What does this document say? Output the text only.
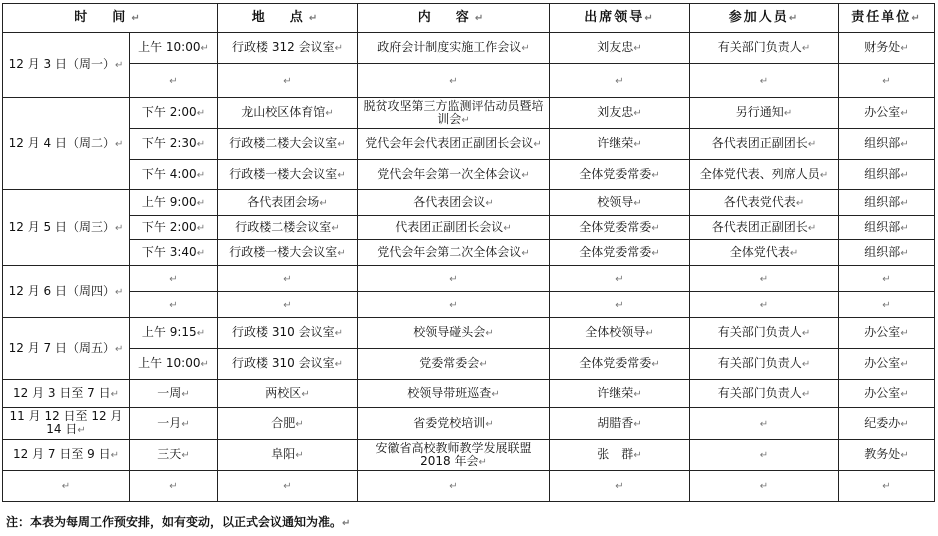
时　间↵		地　点↵	内　容↵	出席领导↵	参加人员↵	责任单位↵
12 月 3 日（周一）↵	上午 10:00↵	行政楼 312 会议室↵	政府会计制度实施工作会议↵	刘友忠↵	有关部门负责人↵	财务处↵
	↵	↵	↵	↵	↵	↵
12 月 4 日（周二）↵	下午 2:00↵	龙山校区体育馆↵	脱贫攻坚第三方监测评估动员暨培训会↵	刘友忠↵	另行通知↵	办公室↵
	下午 2:30↵	行政楼二楼大会议室↵	党代会年会代表团正副团长会议↵	许继荣↵	各代表团正副团长↵	组织部↵
	下午 4:00↵	行政楼一楼大会议室↵	党代会年会第一次全体会议↵	全体党委常委↵	全体党代表、列席人员↵	组织部↵
12 月 5 日（周三）↵	上午 9:00↵	各代表团会场↵	各代表团会议↵	校领导↵	各代表党代表↵	组织部↵
	下午 2:00↵	行政楼二楼会议室↵	代表团正副团长会议↵	全体党委常委↵	各代表团正副团长↵	组织部↵
	下午 3:40↵	行政楼一楼大会议室↵	党代会年会第二次全体会议↵	全体党委常委↵	全体党代表↵	组织部↵
12 月 6 日（周四）↵	↵	↵	↵	↵	↵	↵
	↵	↵	↵	↵	↵	↵
12 月 7 日（周五）↵	上午 9:15↵	行政楼 310 会议室↵	校领导碰头会↵	全体校领导↵	有关部门负责人↵	办公室↵
	上午 10:00↵	行政楼 310 会议室↵	党委常委会↵	全体党委常委↵	有关部门负责人↵	办公室↵
12 月 3 日至 7 日↵	一周↵	两校区↵	校领导带班巡查↵	许继荣↵	有关部门负责人↵	办公室↵
11 月 12 日至 12 月 14 日↵	一月↵	合肥↵	省委党校培训↵	胡腊香↵	↵	纪委办↵
12 月 7 日至 9 日↵	三天↵	阜阳↵	安徽省高校教师教学发展联盟 2018 年会↵	张　群↵	↵	教务处↵
↵	↵	↵	↵	↵	↵	↵
注：本表为每周工作预安排，如有变动，以正式会议通知为准。↵
